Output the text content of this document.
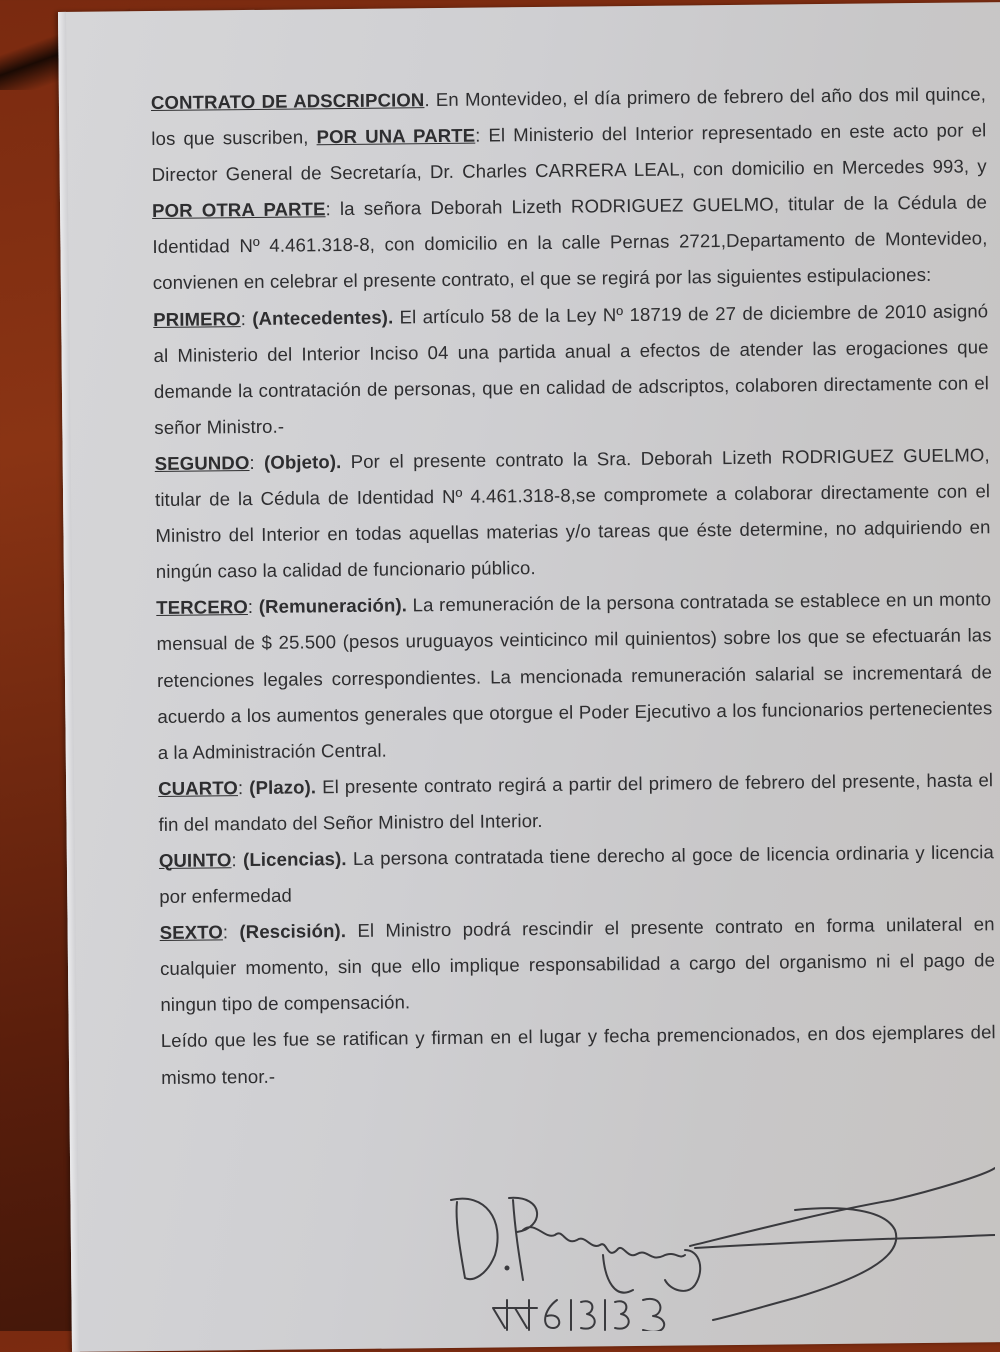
CONTRATO DE ADSCRIPCION. En Montevideo, el día primero de febrero del año dos mil quince, los que suscriben, POR UNA PARTE: El Ministerio del Interior representado en este acto por el Director General de Secretaría, Dr. Charles CARRERA LEAL, con domicilio en Mercedes 993, y POR OTRA PARTE: la señora Deborah Lizeth RODRIGUEZ GUELMO, titular de la Cédula de Identidad Nº 4.461.318-8, con domicilio en la calle Pernas 2721,Departamento de Montevideo, convienen en celebrar el presente contrato, el que se regirá por las siguientes estipulaciones:

PRIMERO: (Antecedentes). El artículo 58 de la Ley Nº 18719 de 27 de diciembre de 2010 asignó al Ministerio del Interior Inciso 04 una partida anual a efectos de atender las erogaciones que demande la contratación de personas, que en calidad de adscriptos, colaboren directamente con el señor Ministro.-

SEGUNDO: (Objeto). Por el presente contrato la Sra. Deborah Lizeth RODRIGUEZ GUELMO, titular de la Cédula de Identidad Nº 4.461.318-8,se compromete a colaborar directamente con el Ministro del Interior en todas aquellas materias y/o tareas que éste determine, no adquiriendo en ningún caso la calidad de funcionario público.

TERCERO: (Remuneración). La remuneración de la persona contratada se establece en un monto mensual de $ 25.500 (pesos uruguayos veinticinco mil quinientos) sobre los que se efectuarán las retenciones legales correspondientes. La mencionada remuneración salarial se incrementará de acuerdo a los aumentos generales que otorgue el Poder Ejecutivo a los funcionarios pertenecientes a la Administración Central.

CUARTO: (Plazo). El presente contrato regirá a partir del primero de febrero del presente, hasta el fin del mandato del Señor Ministro del Interior.

QUINTO: (Licencias). La persona contratada tiene derecho al goce de licencia ordinaria y licencia por enfermedad

SEXTO: (Rescisión). El Ministro podrá rescindir el presente contrato en forma unilateral en cualquier momento, sin que ello implique responsabilidad a cargo del organismo ni el pago de ningun tipo de compensación.

Leído que les fue se ratifican y firman en el lugar y fecha premencionados, en dos ejemplares del mismo tenor.-
